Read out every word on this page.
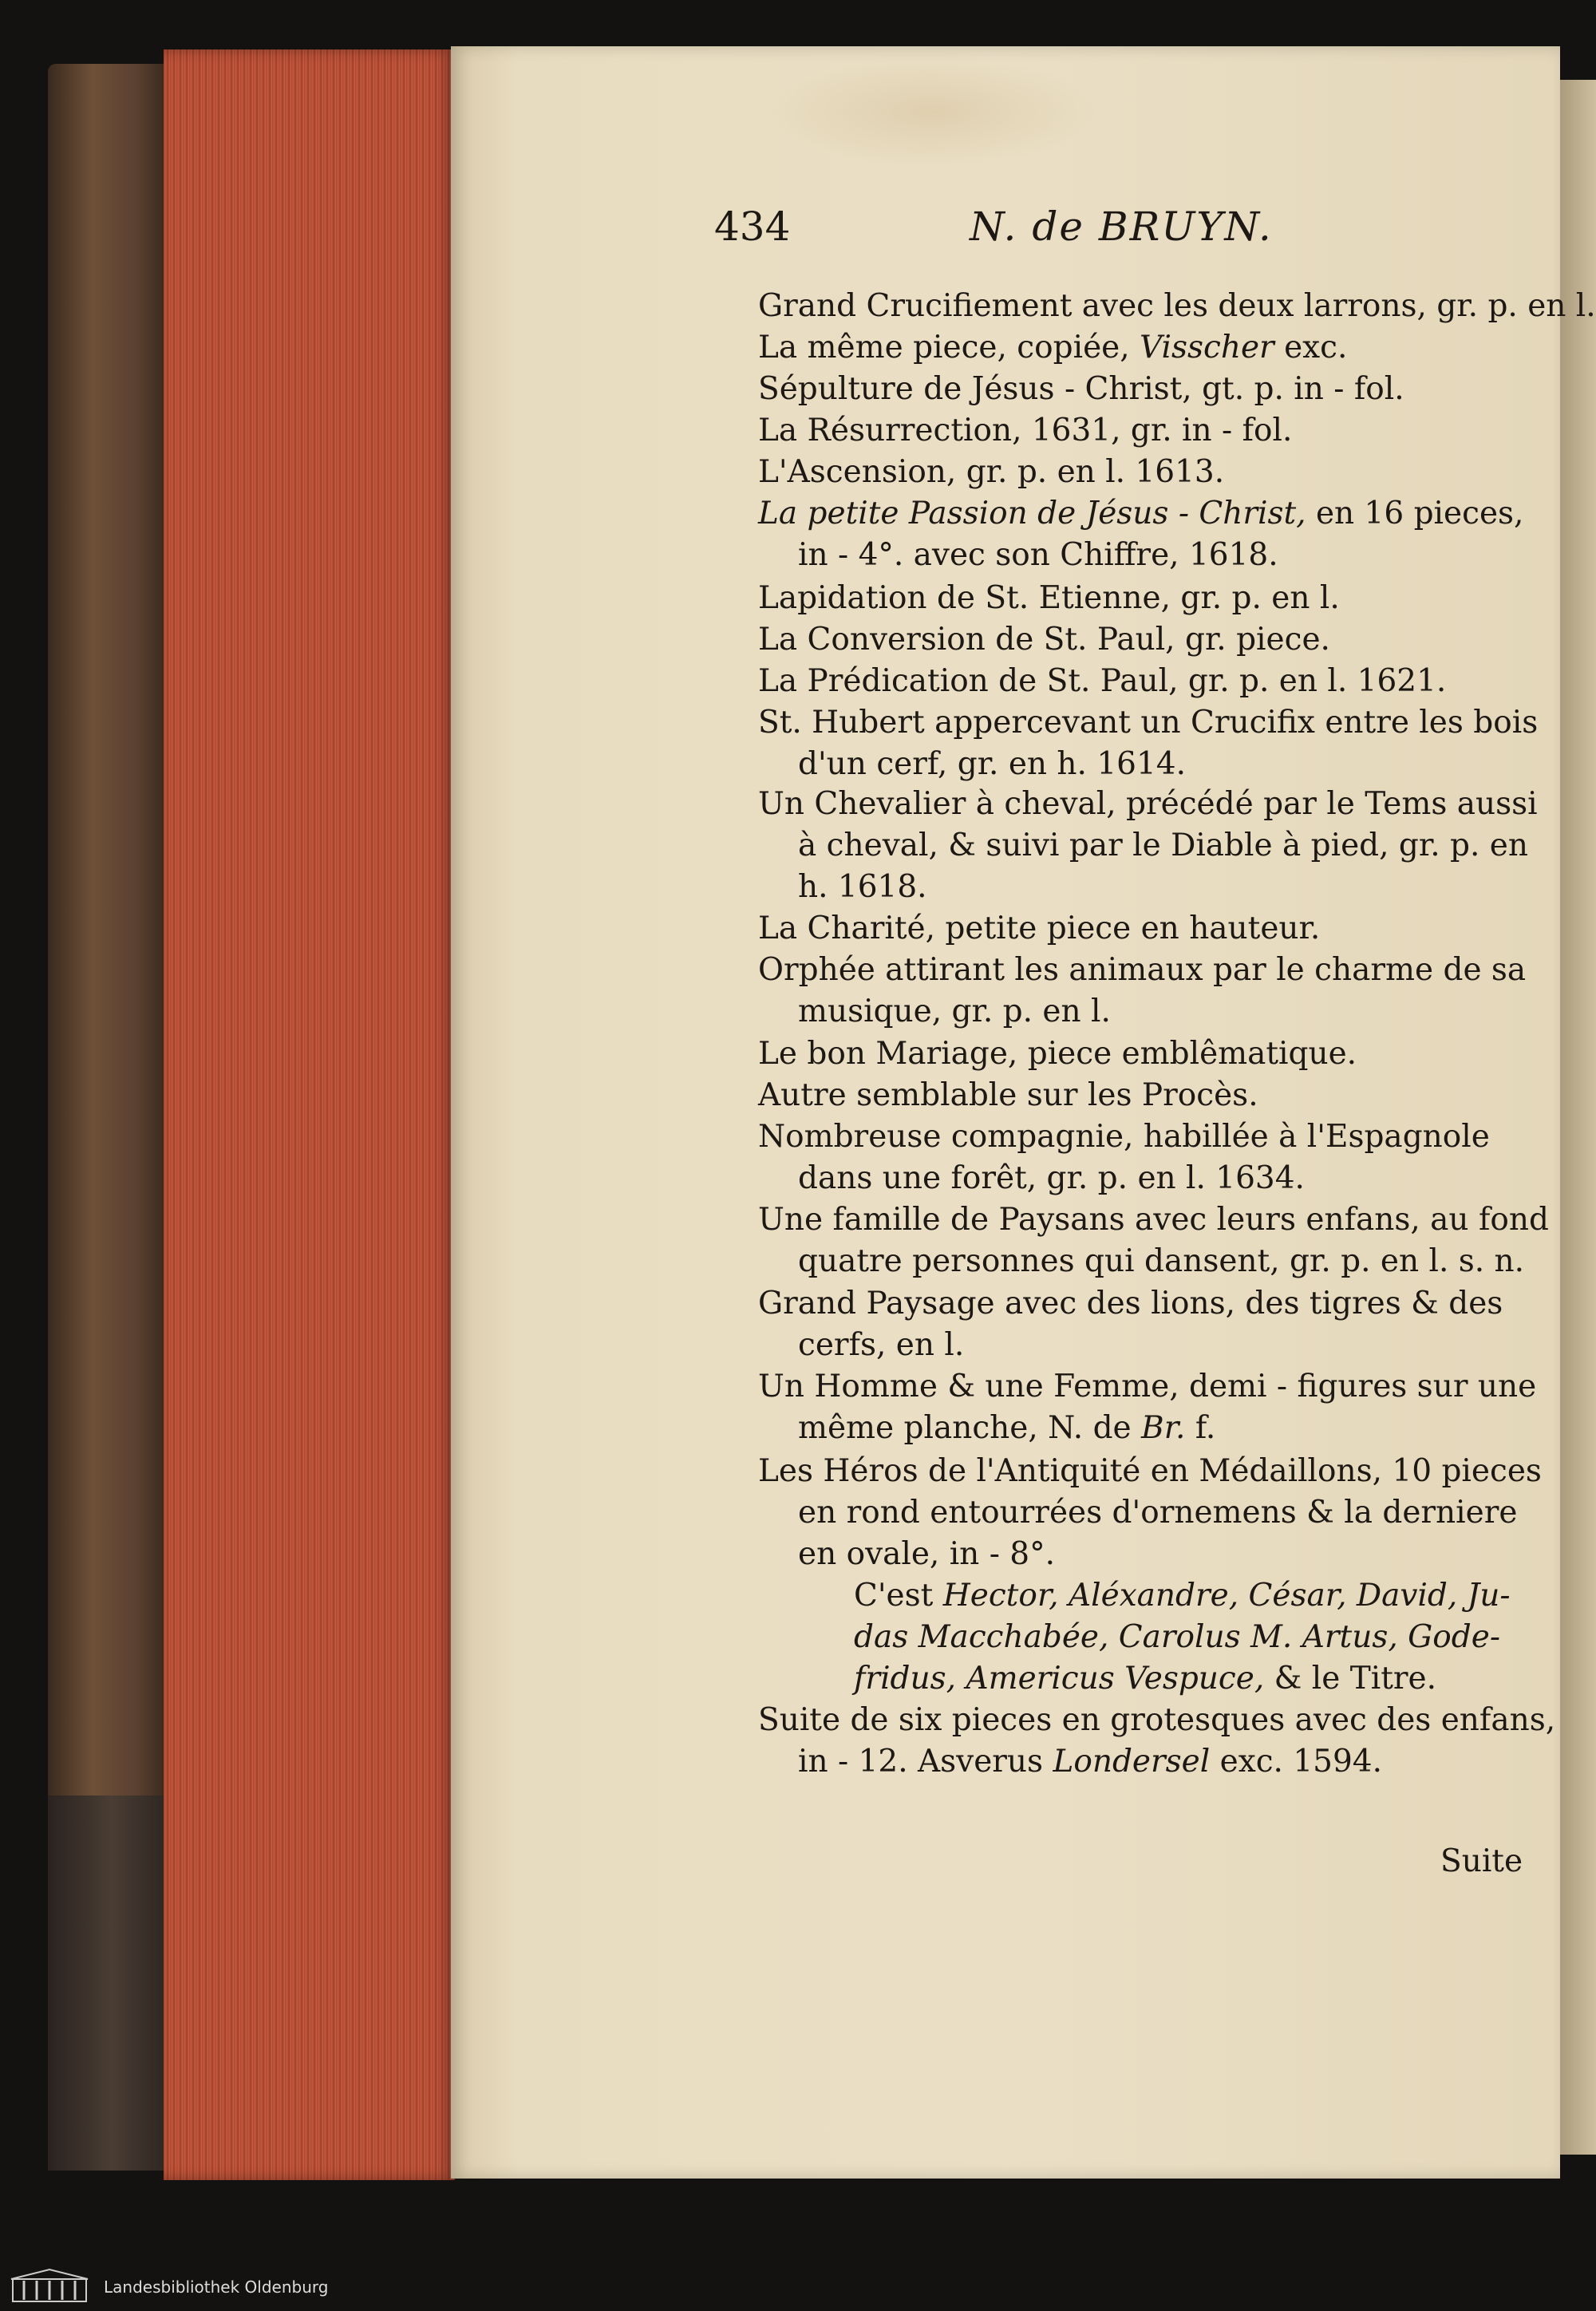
434	N. de BRUYN.
Grand Crucifiement avec les deux larrons, gr. p. en l.
La même piece, copiée, Visscher exc.
Sépulture de Jésus - Christ, gt. p. in - fol.
La Résurrection, 1631, gr. in - fol.
L'Ascension, gr. p. en l. 1613.
La petite Passion de Jésus - Christ, en 16 pieces,
in - 4°. avec son Chiffre, 1618.
Lapidation de St. Etienne, gr. p. en l.
La Conversion de St. Paul, gr. piece.
La Prédication de St. Paul, gr. p. en l. 1621.
St. Hubert appercevant un Crucifix entre les bois
d'un cerf, gr. en h. 1614.
Un Chevalier à cheval, précédé par le Tems aussi
à cheval, & suivi par le Diable à pied, gr. p. en
h. 1618.
La Charité, petite piece en hauteur.
Orphée attirant les animaux par le charme de sa
musique, gr. p. en l.
Le bon Mariage, piece emblêmatique.
Autre semblable sur les Procès.
Nombreuse compagnie, habillée à l'Espagnole
dans une forêt, gr. p. en l. 1634.
Une famille de Paysans avec leurs enfans, au fond
quatre personnes qui dansent, gr. p. en l. s. n.
Grand Paysage avec des lions, des tigres & des
cerfs, en l.
Un Homme & une Femme, demi - figures sur une
même planche, N. de Br. f.
Les Héros de l'Antiquité en Médaillons, 10 pieces
en rond entourrées d'ornemens & la derniere
en ovale, in - 8°.
C'est Hector, Aléxandre, César, David, Ju-
das Macchabée, Carolus M. Artus, Gode-
fridus, Americus Vespuce, & le Titre.
Suite de six pieces en grotesques avec des enfans,
in - 12. Asverus Londersel exc. 1594.
Suite
Landesbibliothek Oldenburg
